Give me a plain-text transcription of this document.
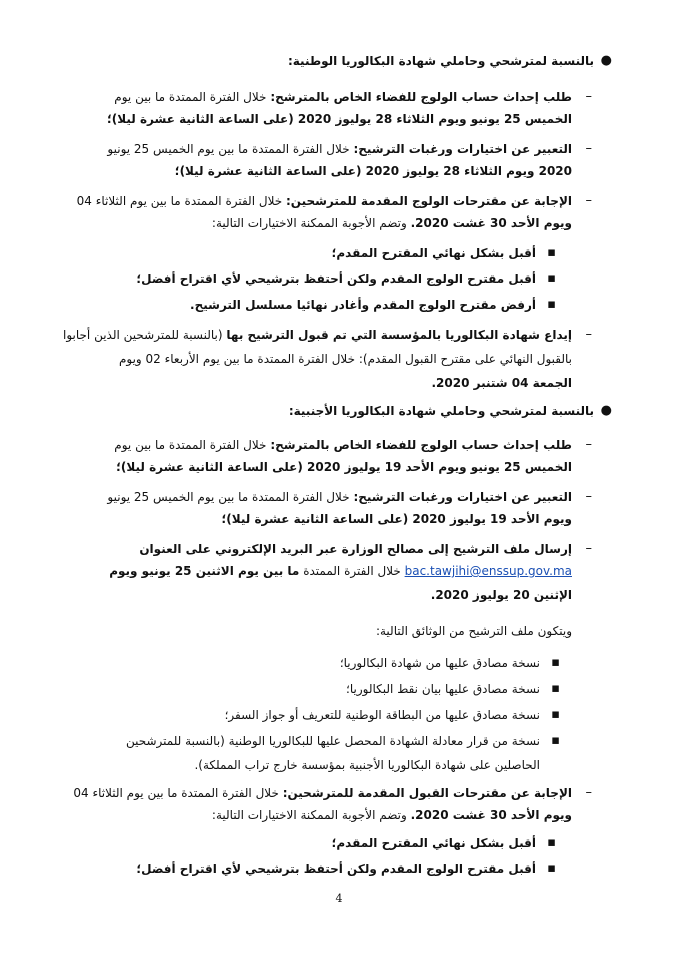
●
بالنسبة لمترشحي وحاملي شهادة البكالوريا الوطنية:
–
طلب إحداث حساب الولوج للفضاء الخاص بالمترشح: خلال الفترة الممتدة ما بين يوم
الخميس 25 يونيو ويوم الثلاثاء 28 يوليوز 2020 (على الساعة الثانية عشرة ليلا)؛
–
التعبير عن اختيارات ورغبات الترشيح: خلال الفترة الممتدة ما بين يوم الخميس 25 يونيو
2020 ويوم الثلاثاء 28 يوليوز 2020 (على الساعة الثانية عشرة ليلا)؛
–
الإجابة عن مقترحات الولوج المقدمة للمترشحين: خلال الفترة الممتدة ما بين يوم الثلاثاء 04
ويوم الأحد 30 غشت 2020. وتضم الأجوبة الممكنة الاختيارات التالية:
▪
أقبل بشكل نهائي المقترح المقدم؛
▪
أقبل مقترح الولوج المقدم ولكن أحتفظ بترشيحي لأي اقتراح أفضل؛
▪
أرفض مقترح الولوج المقدم وأغادر نهائيا مسلسل الترشيح.
–
إيداع شهادة البكالوريا بالمؤسسة التي تم قبول الترشيح بها (بالنسبة للمترشحين الذين أجابوا
بالقبول النهائي على مقترح القبول المقدم): خلال الفترة الممتدة ما بين يوم الأربعاء 02 ويوم
الجمعة 04 شتنبر 2020.
●
بالنسبة لمترشحي وحاملي شهادة البكالوريا الأجنبية:
–
طلب إحداث حساب الولوج للفضاء الخاص بالمترشح: خلال الفترة الممتدة ما بين يوم
الخميس 25 يونيو ويوم الأحد 19 يوليوز 2020 (على الساعة الثانية عشرة ليلا)؛
–
التعبير عن اختيارات ورغبات الترشيح: خلال الفترة الممتدة ما بين يوم الخميس 25 يونيو
ويوم الأحد 19 يوليوز 2020 (على الساعة الثانية عشرة ليلا)؛
–
إرسال ملف الترشيح إلى مصالح الوزارة عبر البريد الإلكتروني على العنوان
bac.tawjihi@enssup.gov.ma خلال الفترة الممتدة ما بين يوم الاثنين 25 يونيو ويوم
الإثنين 20 يوليوز 2020.
ويتكون ملف الترشيح من الوثائق التالية:
▪
نسخة مصادق عليها من شهادة البكالوريا؛
▪
نسخة مصادق عليها بيان نقط البكالوريا؛
▪
نسخة مصادق عليها من البطاقة الوطنية للتعريف أو جواز السفر؛
▪
نسخة من قرار معادلة الشهادة المحصل عليها للبكالوريا الوطنية (بالنسبة للمترشحين
الحاصلين على شهادة البكالوريا الأجنبية بمؤسسة خارج تراب المملكة).
–
الإجابة عن مقترحات القبول المقدمة للمترشحين: خلال الفترة الممتدة ما بين يوم الثلاثاء 04
ويوم الأحد 30 غشت 2020. وتضم الأجوبة الممكنة الاختيارات التالية:
▪
أقبل بشكل نهائي المقترح المقدم؛
▪
أقبل مقترح الولوج المقدم ولكن أحتفظ بترشيحي لأي اقتراح أفضل؛
4
